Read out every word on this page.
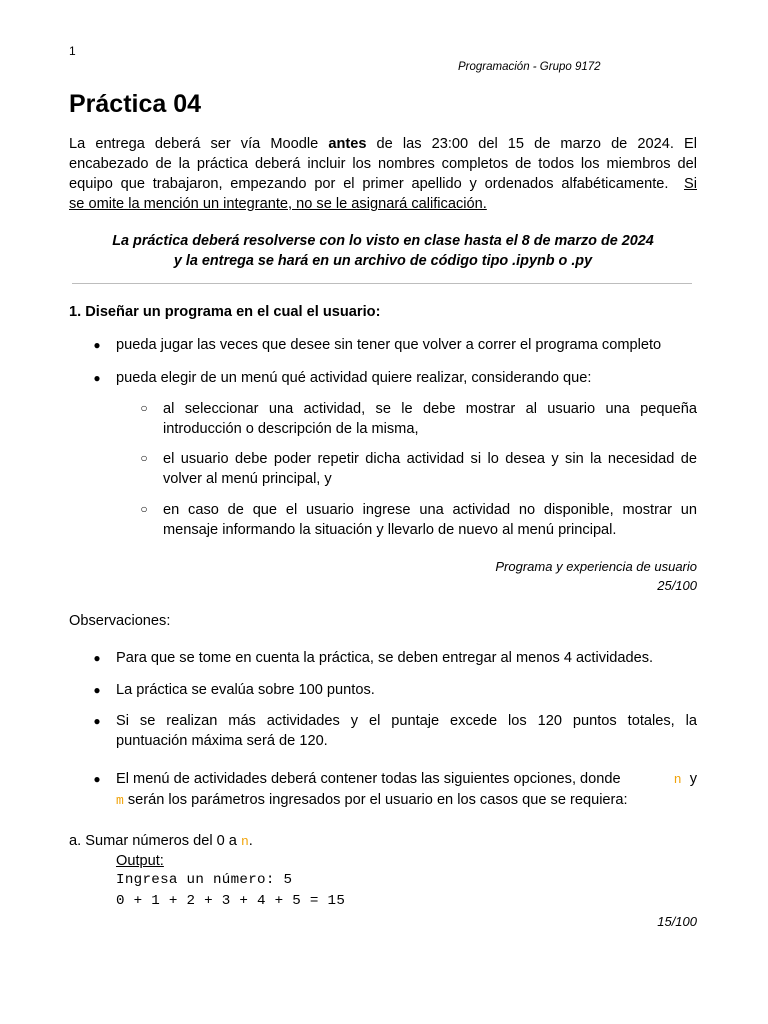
1
Programación - Grupo 9172
Práctica 04
La entrega deberá ser vía Moodle antes de las 23:00 del 15 de marzo de 2024. El
encabezado de la práctica deberá incluir los nombres completos de todos los miembros del
equipo que trabajaron, empezando por el primer apellido y ordenados alfabéticamente. Si
se omite la mención un integrante, no se le asignará calificación.
La práctica deberá resolverse con lo visto en clase hasta el 8 de marzo de 2024
y la entrega se hará en un archivo de código tipo .ipynb o .py
1. Diseñar un programa en el cual el usuario:
●	pueda jugar las veces que desee sin tener que volver a correr el programa completo
●	pueda elegir de un menú qué actividad quiere realizar, considerando que:
○	al seleccionar una actividad, se le debe mostrar al usuario una pequeña
introducción o descripción de la misma,
○	el usuario debe poder repetir dicha actividad si lo desea y sin la necesidad de
volver al menú principal, y
○	en caso de que el usuario ingrese una actividad no disponible, mostrar un
mensaje informando la situación y llevarlo de nuevo al menú principal.
Programa y experiencia de usuario
25/100
Observaciones:
●	Para que se tome en cuenta la práctica, se deben entregar al menos 4 actividades.
●	La práctica se evalúa sobre 100 puntos.
●	Si se realizan más actividades y el puntaje excede los 120 puntos totales, la
puntuación máxima será de 120.
●	El menú de actividades deberá contener todas las siguientes opciones, donde	n y
m serán los parámetros ingresados por el usuario en los casos que se requiera:
a. Sumar números del 0 a n.
Output:
Ingresa un número: 5
0 + 1 + 2 + 3 + 4 + 5 = 15
15/100
